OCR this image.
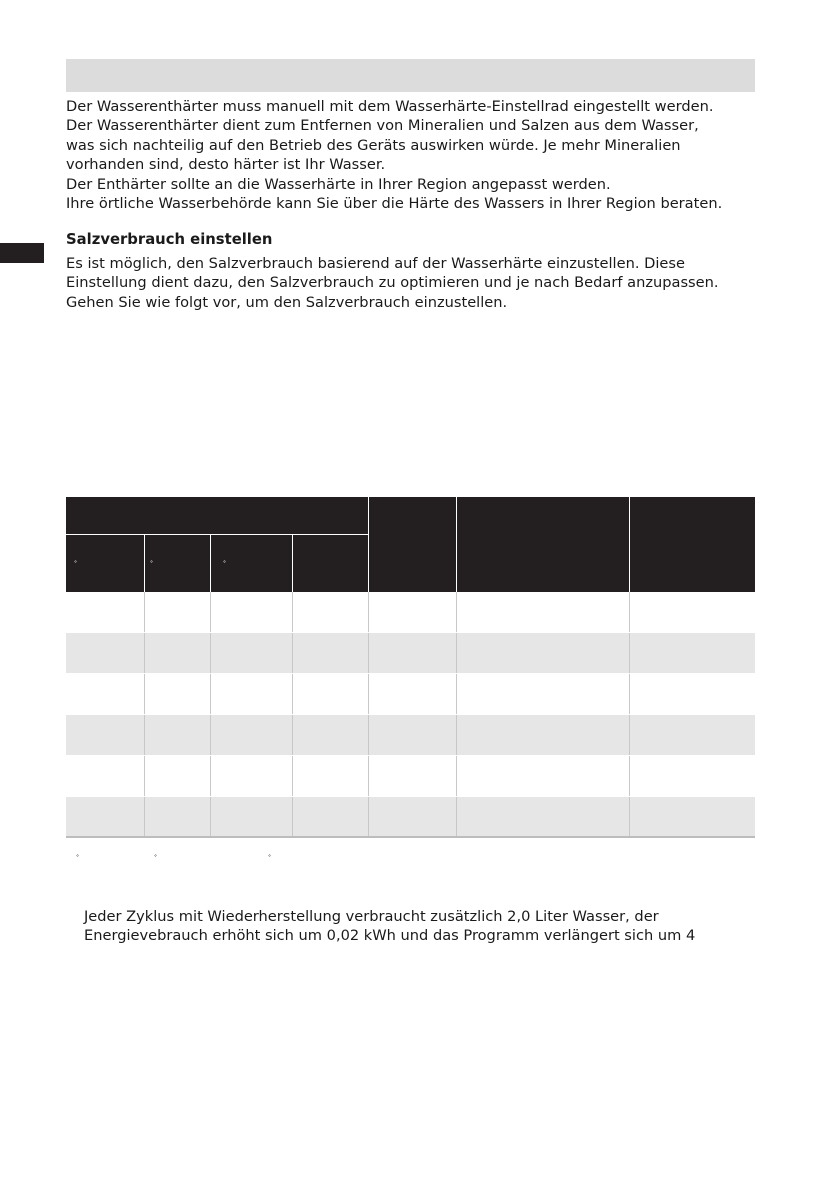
Der Wasserenthärter muss manuell mit dem Wasserhärte-Einstellrad eingestellt werden.
Der Wasserenthärter dient zum Entfernen von Mineralien und Salzen aus dem Wasser,
was sich nachteilig auf den Betrieb des Geräts auswirken würde. Je mehr Mineralien
vorhanden sind, desto härter ist Ihr Wasser.
Der Enthärter sollte an die Wasserhärte in Ihrer Region angepasst werden.
Ihre örtliche Wasserbehörde kann Sie über die Härte des Wassers in Ihrer Region beraten.
Salzverbrauch einstellen
Es ist möglich, den Salzverbrauch basierend auf der Wasserhärte einzustellen. Diese
Einstellung dient dazu, den Salzverbrauch zu optimieren und je nach Bedarf anzupassen.
Gehen Sie wie folgt vor, um den Salzverbrauch einzustellen.
°	°	°
°	°	°
Jeder Zyklus mit Wiederherstellung verbraucht zusätzlich 2,0 Liter Wasser, der
Energievebrauch erhöht sich um 0,02 kWh und das Programm verlängert sich um 4
